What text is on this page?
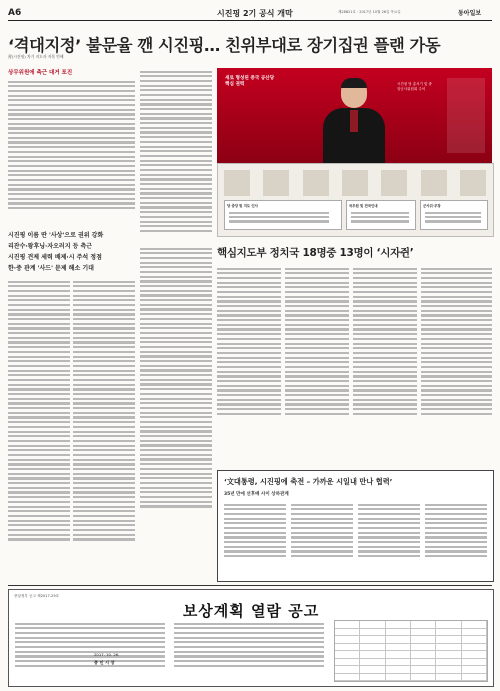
A6	시진핑 2기 공식 개막	제28821호 · 2017년 10월 26일 목요일	동아일보
‘격대지정’ 불문율 깬 시진핑… 친위부대로 장기집권 플랜 가동
習(시진핑) 차기 지도자 지목 안해
상무위원에 측근 대거 포진
시진핑 이름 딴 '사상'으로 권위 강화
리잔수·왕후닝·자오러지 등 측근
시진핑 견제 세력 배제·시 주석 정점
한·중 관계 '사드' 문제 해소 기대
새로 형성된 중국 공산당 핵심 권력	시진핑 당 총서기 및 중앙군사위원회 주석
당 중앙 및 지도 인사	국무원 및 전국인대	군사위·무장
핵심지도부 정치국 18명중 13명이 ‘시자쥔’
‘文대통령, 시진핑에 축전 – 가까운 시일내 만나 협력’
35년 만에 선후배 사이 상하관계
중앙정부 공고 제2017-29호
보상계획 열람 공고
2017. 10. 26.
종 인 시 장
